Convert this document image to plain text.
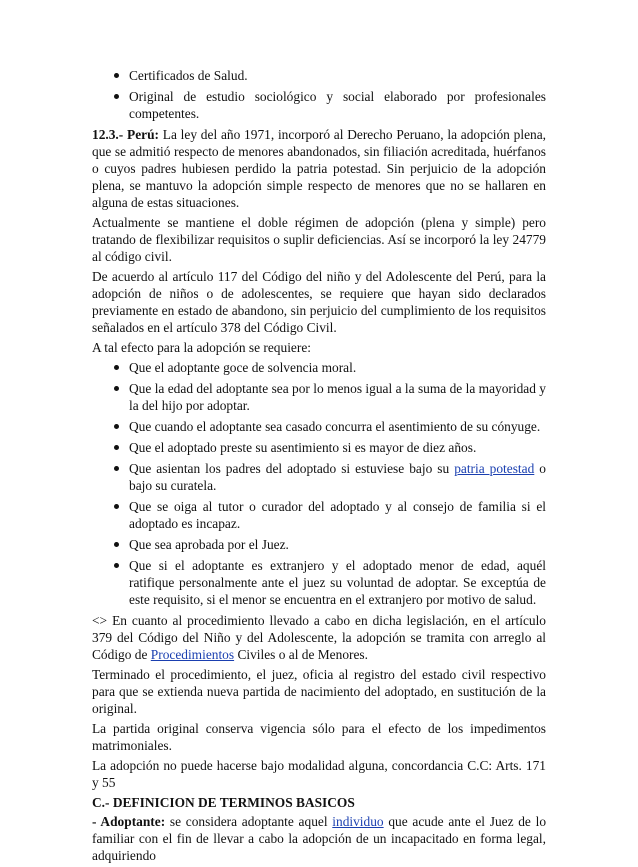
Certificados de Salud.
Original de estudio sociológico y social elaborado por profesionales competentes.

12.3.- Perú: La ley del año 1971, incorporó al Derecho Peruano, la adopción plena, que se admitió respecto de menores abandonados, sin filiación acreditada, huérfanos o cuyos padres hubiesen perdido la patria potestad. Sin perjuicio de la adopción plena, se mantuvo la adopción simple respecto de menores que no se hallaren en alguna de estas situaciones.

Actualmente se mantiene el doble régimen de adopción (plena y simple) pero tratando de flexibilizar requisitos o suplir deficiencias. Así se incorporó la ley 24779 al código civil.

De acuerdo al artículo 117 del Código del niño y del Adolescente del Perú, para la adopción de niños o de adolescentes, se requiere que hayan sido declarados previamente en estado de abandono, sin perjuicio del cumplimiento de los requisitos señalados en el artículo 378 del Código Civil.

A tal efecto para la adopción se requiere:

Que el adoptante goce de solvencia moral.
Que la edad del adoptante sea por lo menos igual a la suma de la mayoridad y la del hijo por adoptar.
Que cuando el adoptante sea casado concurra el asentimiento de su cónyuge.
Que el adoptado preste su asentimiento si es mayor de diez años.
Que asientan los padres del adoptado si estuviese bajo su patria potestad o bajo su curatela.
Que se oiga al tutor o curador del adoptado y al consejo de familia si el adoptado es incapaz.
Que sea aprobada por el Juez.
Que si el adoptante es extranjero y el adoptado menor de edad, aquél ratifique personalmente ante el juez su voluntad de adoptar. Se exceptúa de este requisito, si el menor se encuentra en el extranjero por motivo de salud.

<> En cuanto al procedimiento llevado a cabo en dicha legislación, en el artículo 379 del Código del Niño y del Adolescente, la adopción se tramita con arreglo al Código de Procedimientos Civiles o al de Menores.

Terminado el procedimiento, el juez, oficia al registro del estado civil respectivo para que se extienda nueva partida de nacimiento del adoptado, en sustitución de la original.

La partida original conserva vigencia sólo para el efecto de los impedimentos matrimoniales.

La adopción no puede hacerse bajo modalidad alguna, concordancia C.C: Arts. 171 y 55

C.- DEFINICION DE TERMINOS BASICOS

- Adoptante: se considera adoptante aquel individuo que acude ante el Juez de lo familiar con el fin de llevar a cabo la adopción de un incapacitado en forma legal, adquiriendo
